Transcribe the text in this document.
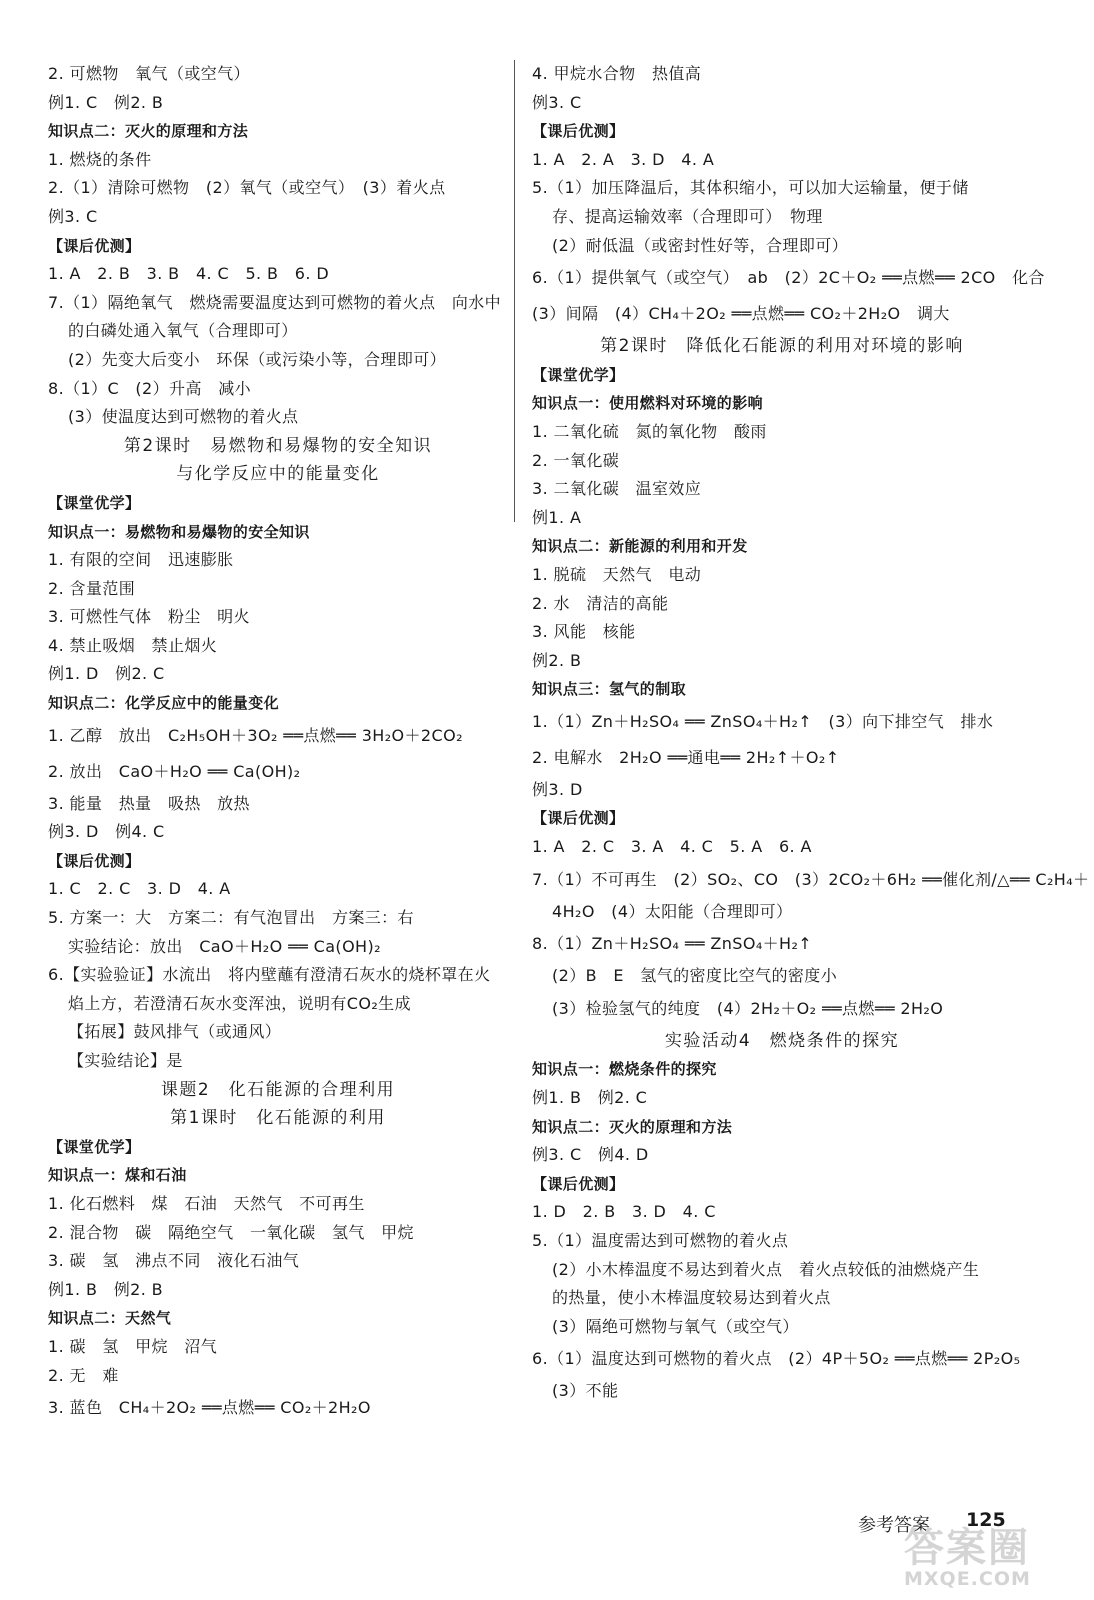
2. 可燃物　氧气（或空气）
例1. C　例2. B
知识点二：灭火的原理和方法
1. 燃烧的条件
2.（1）清除可燃物　(2）氧气（或空气）　(3）着火点
例3. C
【课后优测】
1. A　2. B　3. B　4. C　5. B　6. D
7.（1）隔绝氧气　燃烧需要温度达到可燃物的着火点　向水中
的白磷处通入氧气（合理即可）
(2）先变大后变小　环保（或污染小等，合理即可）
8.（1）C　(2）升高　减小
(3）使温度达到可燃物的着火点
第2课时　易燃物和易爆物的安全知识
与化学反应中的能量变化
【课堂优学】
知识点一：易燃物和易爆物的安全知识
1. 有限的空间　迅速膨胀
2. 含量范围
3. 可燃性气体　粉尘　明火
4. 禁止吸烟　禁止烟火
例1. D　例2. C
知识点二：化学反应中的能量变化
1. 乙醇　放出　C₂H₅OH＋3O₂ ══点燃══ 3H₂O＋2CO₂
2. 放出　CaO＋H₂O ══ Ca(OH)₂
3. 能量　热量　吸热　放热
例3. D　例4. C
【课后优测】
1. C　2. C　3. D　4. A
5. 方案一：大　方案二：有气泡冒出　方案三：右
实验结论：放出　CaO＋H₂O ══ Ca(OH)₂
6.【实验验证】水流出　将内壁蘸有澄清石灰水的烧杯罩在火
焰上方，若澄清石灰水变浑浊，说明有CO₂生成
【拓展】鼓风排气（或通风）
【实验结论】是
课题2　化石能源的合理利用
第1课时　化石能源的利用
【课堂优学】
知识点一：煤和石油
1. 化石燃料　煤　石油　天然气　不可再生
2. 混合物　碳　隔绝空气　一氧化碳　氢气　甲烷
3. 碳　氢　沸点不同　液化石油气
例1. B　例2. B
知识点二：天然气
1. 碳　氢　甲烷　沼气
2. 无　难
3. 蓝色　CH₄＋2O₂ ══点燃══ CO₂＋2H₂O
4. 甲烷水合物　热值高
例3. C
【课后优测】
1. A　2. A　3. D　4. A
5.（1）加压降温后，其体积缩小，可以加大运输量，便于储
存、提高运输效率（合理即可）　物理
(2）耐低温（或密封性好等，合理即可）
6.（1）提供氧气（或空气）　ab　(2）2C＋O₂ ══点燃══ 2CO　化合
(3）间隔　(4）CH₄＋2O₂ ══点燃══ CO₂＋2H₂O　调大
第2课时　降低化石能源的利用对环境的影响
【课堂优学】
知识点一：使用燃料对环境的影响
1. 二氧化硫　氮的氧化物　酸雨
2. 一氧化碳
3. 二氧化碳　温室效应
例1. A
知识点二：新能源的利用和开发
1. 脱硫　天然气　电动
2. 水　清洁的高能
3. 风能　核能
例2. B
知识点三：氢气的制取
1.（1）Zn＋H₂SO₄ ══ ZnSO₄＋H₂↑　(3）向下排空气　排水
2. 电解水　2H₂O ══通电══ 2H₂↑＋O₂↑
例3. D
【课后优测】
1. A　2. C　3. A　4. C　5. A　6. A
7.（1）不可再生　(2）SO₂、CO　(3）2CO₂＋6H₂ ══催化剂/△══ C₂H₄＋
4H₂O　(4）太阳能（合理即可）
8.（1）Zn＋H₂SO₄ ══ ZnSO₄＋H₂↑
(2）B　E　氢气的密度比空气的密度小
(3）检验氢气的纯度　(4）2H₂＋O₂ ══点燃══ 2H₂O
实验活动4　燃烧条件的探究
知识点一：燃烧条件的探究
例1. B　例2. C
知识点二：灭火的原理和方法
例3. C　例4. D
【课后优测】
1. D　2. B　3. D　4. C
5.（1）温度需达到可燃物的着火点
(2）小木棒温度不易达到着火点　着火点较低的油燃烧产生
的热量，使小木棒温度较易达到着火点
(3）隔绝可燃物与氧气（或空气）
6.（1）温度达到可燃物的着火点　(2）4P＋5O₂ ══点燃══ 2P₂O₅
(3）不能
参考答案 125
答案圈
MXQE.COM
